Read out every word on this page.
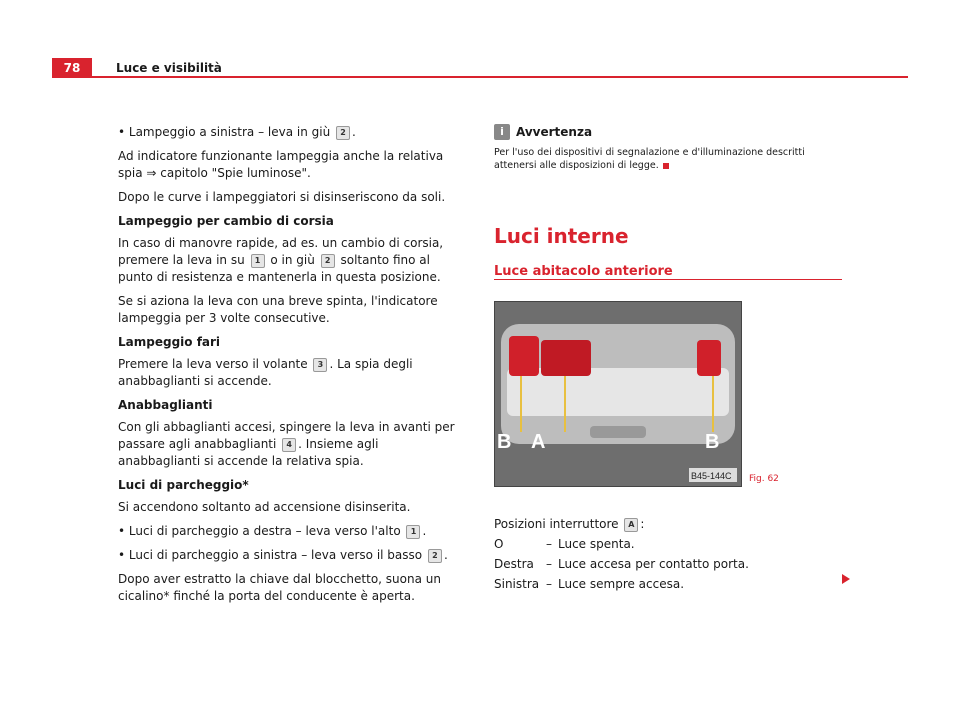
78	Luce e visibilità

• Lampeggio a sinistra – leva in giù 2 .

Ad indicatore funzionante lampeggia anche la relativa spia ⇒ capitolo "Spie luminose".

Dopo le curve i lampeggiatori si disinseriscono da soli.

Lampeggio per cambio di corsia

In caso di manovre rapide, ad es. un cambio di corsia, premere la leva in su 1 o in giù 2 soltanto fino al punto di resistenza e mantenerla in questa posizione.

Se si aziona la leva con una breve spinta, l'indicatore lampeggia per 3 volte consecutive.

Lampeggio fari

Premere la leva verso il volante 3 . La spia degli anabbaglianti si accende.

Anabbaglianti

Con gli abbaglianti accesi, spingere la leva in avanti per passare agli anabbaglianti 4 . Insieme agli anabbaglianti si accende la relativa spia.

Luci di parcheggio*

Si accendono soltanto ad accensione disinserita.

• Luci di parcheggio a destra – leva verso l'alto 1 .

• Luci di parcheggio a sinistra – leva verso il basso 2 .

Dopo aver estratto la chiave dal blocchetto, suona un cicalino* finché la porta del conducente è aperta.

i	Avvertenza
Per l'uso dei dispositivi di segnalazione e d'illuminazione descritti attenersi alle disposizioni di legge.
Luci interne
Luce abitacolo anteriore
B A	B
B45-144C Fig. 62
Posizioni interruttore A :
O	– Luce spenta.
Destra	– Luce accesa per contatto porta.
Sinistra – Luce sempre accesa.
